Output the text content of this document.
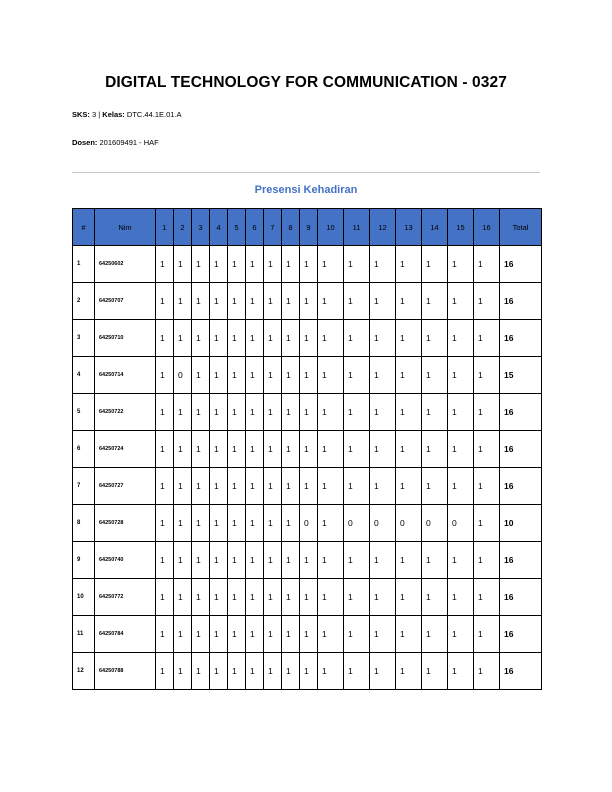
DIGITAL TECHNOLOGY FOR COMMUNICATION - 0327
SKS: 3 | Kelas: DTC.44.1E.01.A
Dosen: 201609491 - HAF
Presensi Kehadiran
#	Nim	1	2	3	4	5	6	7	8	9	10	11	12	13	14	15	16	Total
1	64250602	1	1	1	1	1	1	1	1	1	1	1	1	1	1	1	1	16
2	64250707	1	1	1	1	1	1	1	1	1	1	1	1	1	1	1	1	16
3	64250710	1	1	1	1	1	1	1	1	1	1	1	1	1	1	1	1	16
4	64250714	1	0	1	1	1	1	1	1	1	1	1	1	1	1	1	1	15
5	64250722	1	1	1	1	1	1	1	1	1	1	1	1	1	1	1	1	16
6	64250724	1	1	1	1	1	1	1	1	1	1	1	1	1	1	1	1	16
7	64250727	1	1	1	1	1	1	1	1	1	1	1	1	1	1	1	1	16
8	64250728	1	1	1	1	1	1	1	1	0	1	0	0	0	0	0	1	10
9	64250740	1	1	1	1	1	1	1	1	1	1	1	1	1	1	1	1	16
10	64250772	1	1	1	1	1	1	1	1	1	1	1	1	1	1	1	1	16
11	64250784	1	1	1	1	1	1	1	1	1	1	1	1	1	1	1	1	16
12	64250788	1	1	1	1	1	1	1	1	1	1	1	1	1	1	1	1	16
